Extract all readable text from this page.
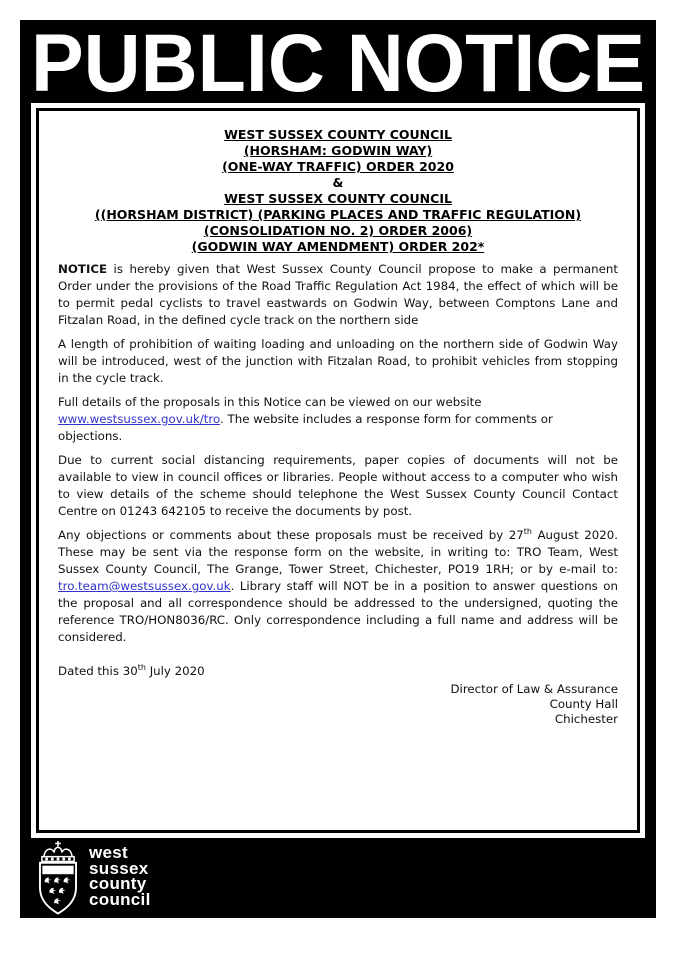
PUBLIC NOTICE
WEST SUSSEX COUNTY COUNCIL
(HORSHAM: GODWIN WAY)
(ONE-WAY TRAFFIC) ORDER 2020
&
WEST SUSSEX COUNTY COUNCIL
((HORSHAM DISTRICT) (PARKING PLACES AND TRAFFIC REGULATION)
(CONSOLIDATION NO. 2) ORDER 2006)
(GODWIN WAY AMENDMENT) ORDER 202*

NOTICE is hereby given that West Sussex County Council propose to make a permanent Order under the provisions of the Road Traffic Regulation Act 1984, the effect of which will be to permit pedal cyclists to travel eastwards on Godwin Way, between Comptons Lane and Fitzalan Road, in the defined cycle track on the northern side

A length of prohibition of waiting loading and unloading on the northern side of Godwin Way will be introduced, west of the junction with Fitzalan Road, to prohibit vehicles from stopping in the cycle track.

Full details of the proposals in this Notice can be viewed on our website
www.westsussex.gov.uk/tro. The website includes a response form for comments or objections.

Due to current social distancing requirements, paper copies of documents will not be available to view in council offices or libraries. People without access to a computer who wish to view details of the scheme should telephone the West Sussex County Council Contact Centre on 01243 642105 to receive the documents by post.

Any objections or comments about these proposals must be received by 27th August 2020. These may be sent via the response form on the website, in writing to: TRO Team, West Sussex County Council, The Grange, Tower Street, Chichester, PO19 1RH; or by e-mail to: tro.team@westsussex.gov.uk. Library staff will NOT be in a position to answer questions on the proposal and all correspondence should be addressed to the undersigned, quoting the reference TRO/HON8036/RC. Only correspondence including a full name and address will be considered.

Dated this 30th July 2020

Director of Law & Assurance
County Hall
Chichester
west
sussex
county
council
